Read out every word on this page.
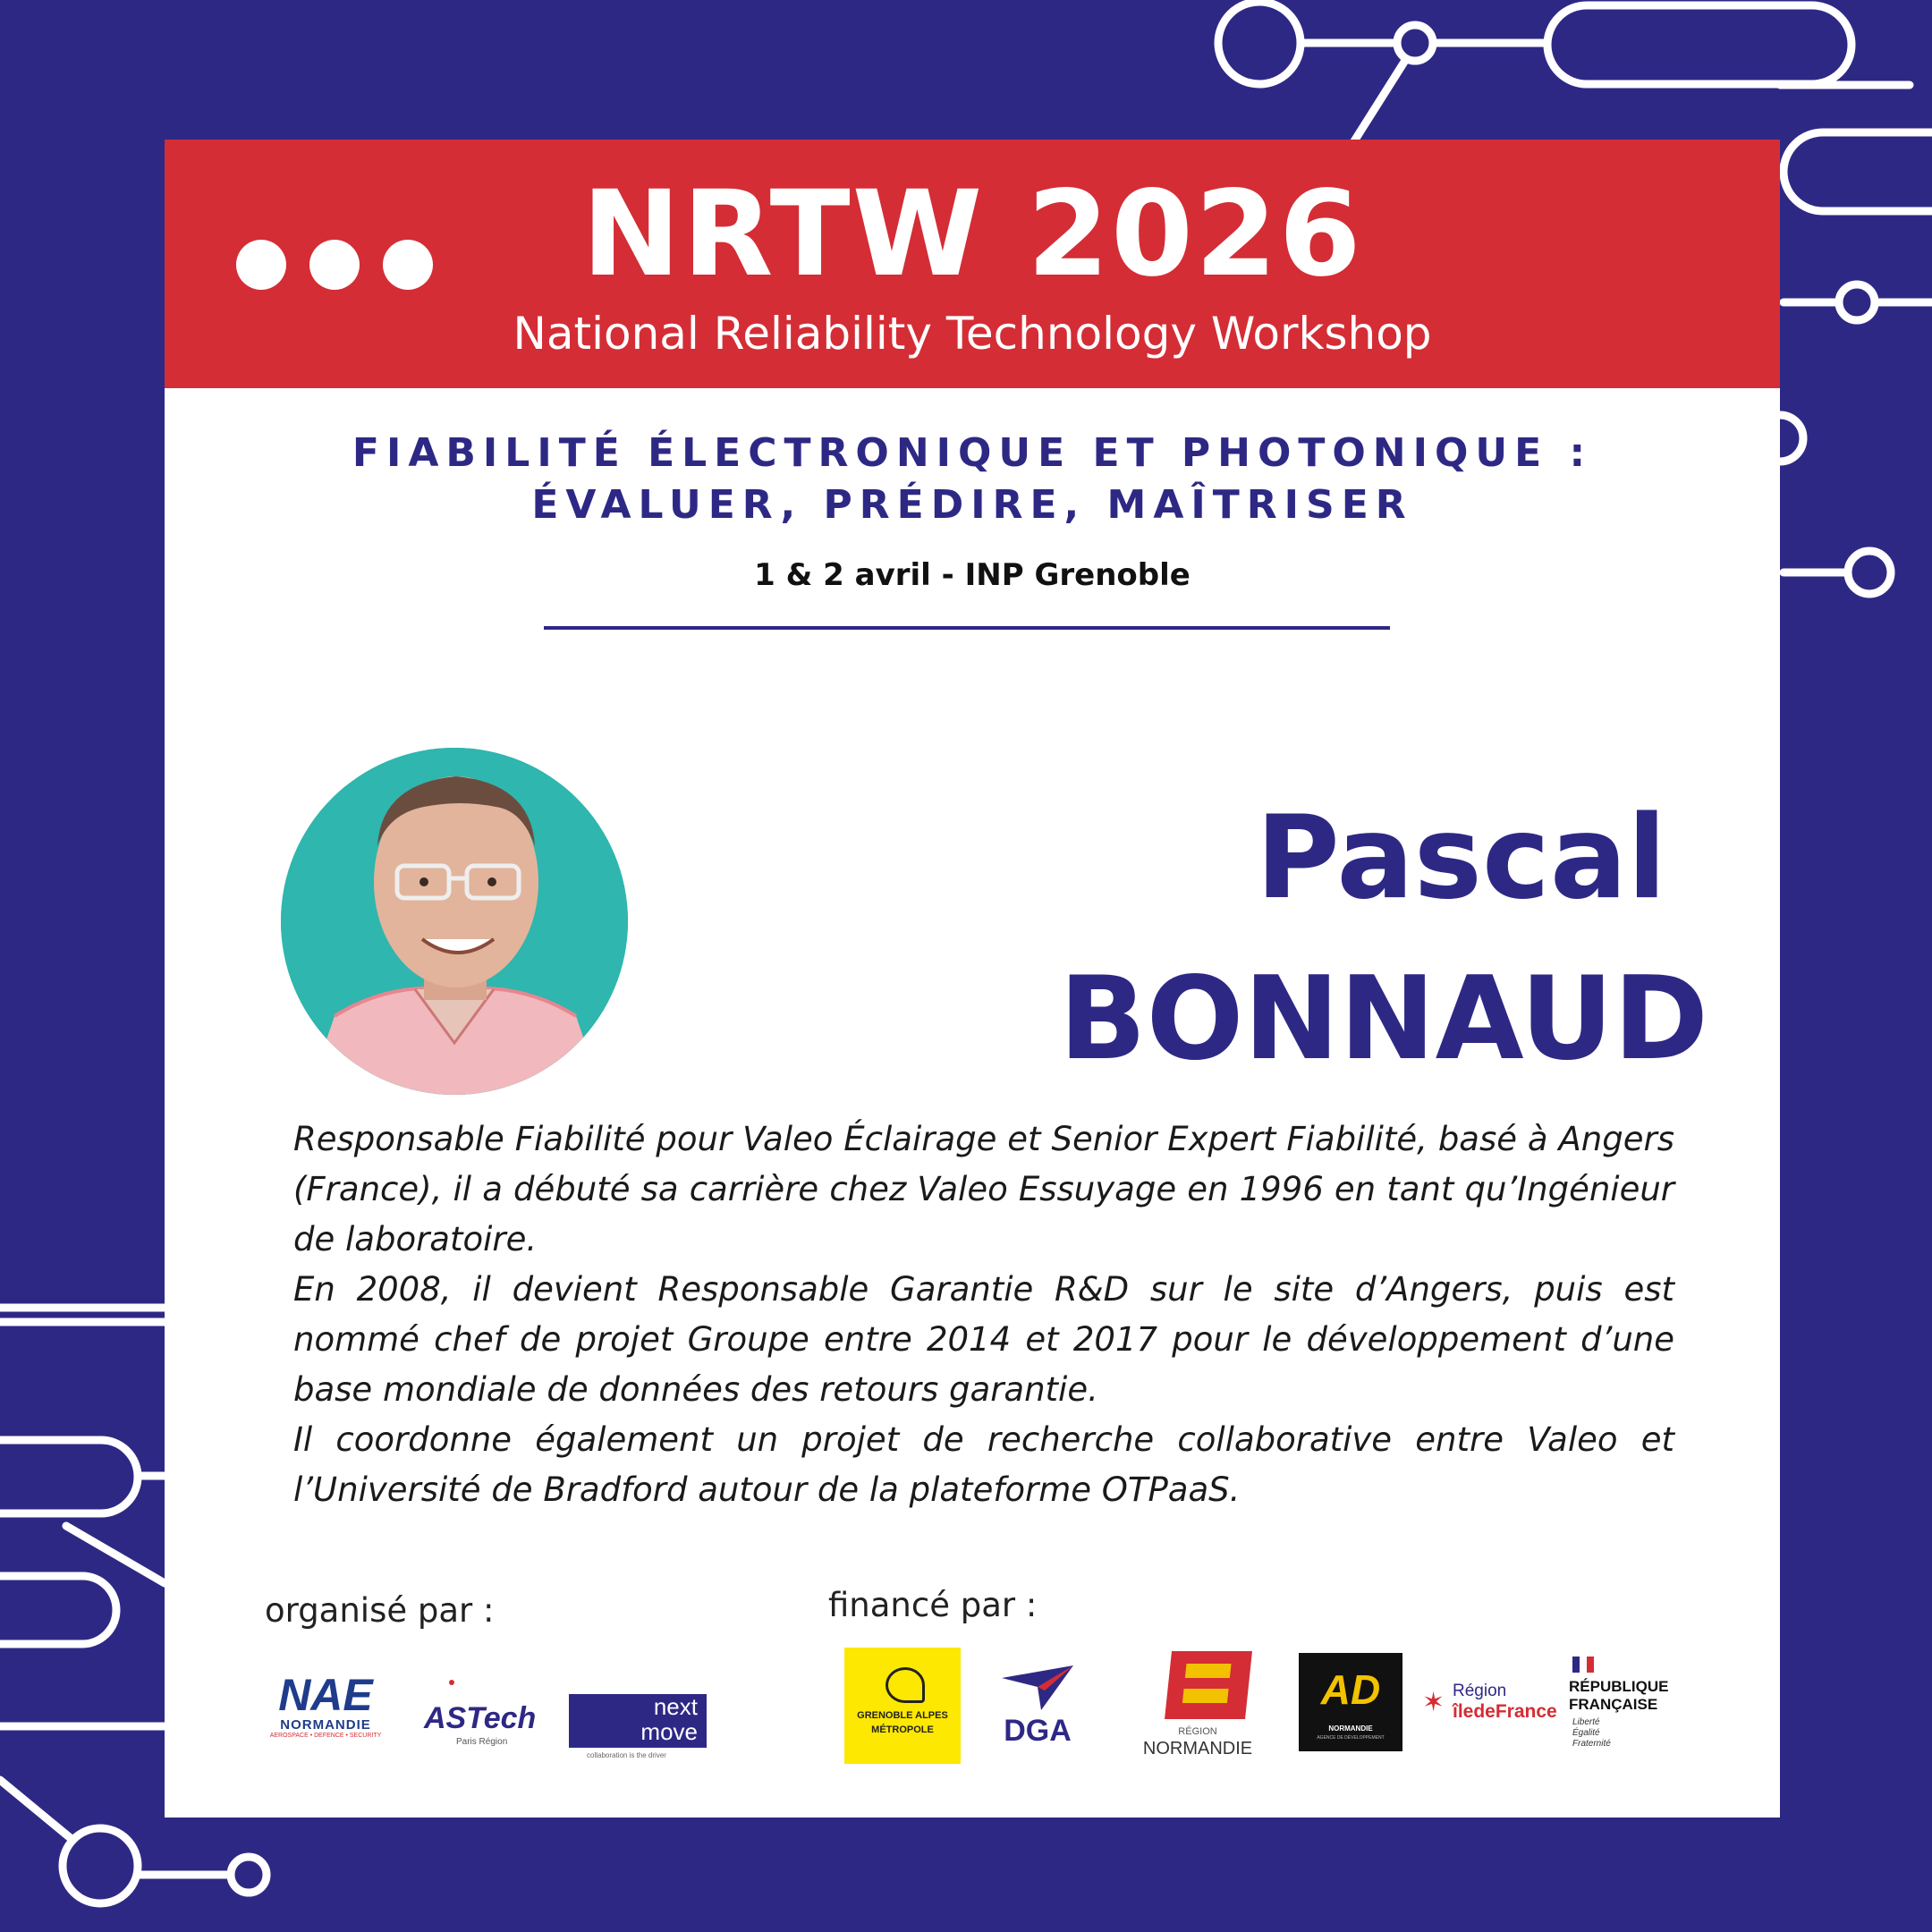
NRTW 2026
National Reliability Technology Workshop
FIABILITÉ ÉLECTRONIQUE ET PHOTONIQUE :
ÉVALUER, PRÉDIRE, MAÎTRISER
1 & 2 avril - INP Grenoble
Pascal
BONNAUD

Responsable Fiabilité pour Valeo Éclairage et Senior Expert Fiabilité, basé à Angers (France), il a débuté sa carrière chez Valeo Essuyage en 1996 en tant qu’Ingénieur de laboratoire.

En 2008, il devient Responsable Garantie R&D sur le site d’Angers, puis est nommé chef de projet Groupe entre 2014 et 2017 pour le développement d’une base mondiale de données des retours garantie.

Il coordonne également un projet de recherche collaborative entre Valeo et l’Université de Bradford autour de la plateforme OTPaaS.

organisé par :	financé par :
NAE
NORMANDIE
AEROSPACE • DEFENCE • SECURITY
ASTech
Paris Région
next
move
collaboration is the driver
GRENOBLE ALPES
MÉTROPOLE	DGA	RÉGION
NORMANDIE
AD
NORMANDIE
AGENCE DE DÉVELOPPEMENT
✶ Région
îledeFrance
RÉPUBLIQUE
FRANÇAISE
Liberté
Égalité
Fraternité
